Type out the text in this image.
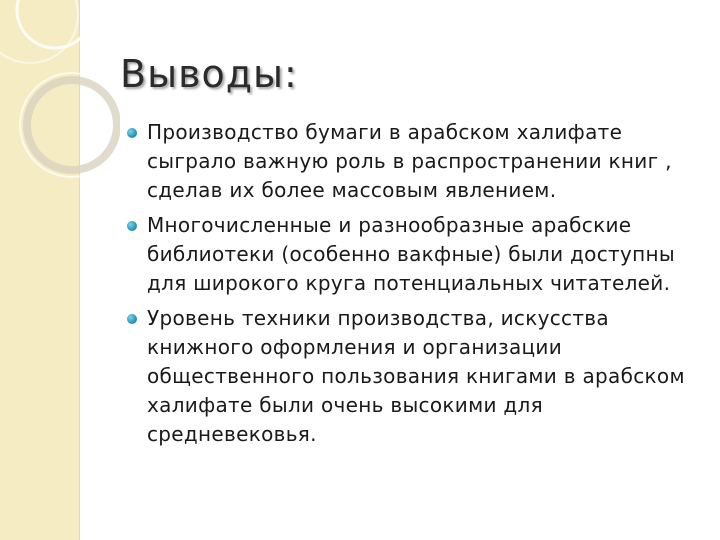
Выводы:
Производство бумаги в арабском халифате сыграло важную роль в распространении книг , сделав их более массовым явлением.
Многочисленные и разнообразные арабские библиотеки (особенно вакфные) были доступны для широкого круга потенциальных читателей.
Уровень техники производства, искусства книжного оформления и организации общественного пользования книгами в арабском халифате были очень высокими для средневековья.
